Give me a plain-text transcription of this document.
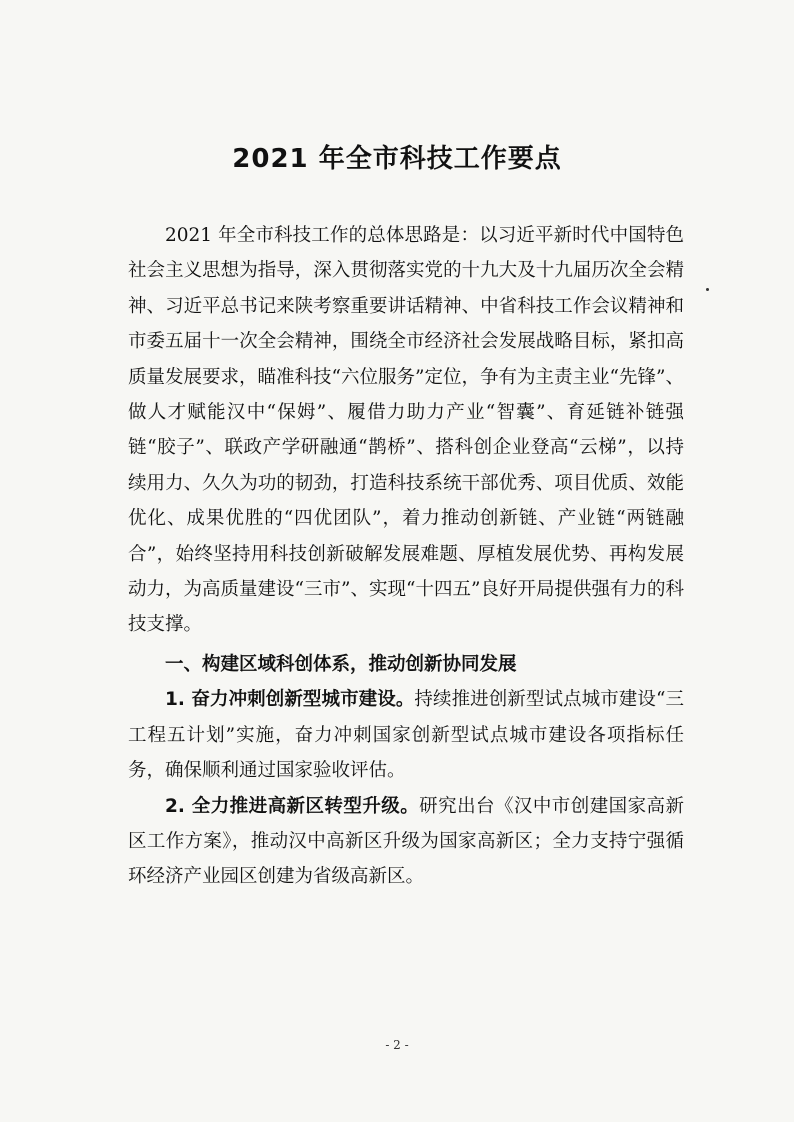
2021 年全市科技工作要点

2021 年全市科技工作的总体思路是：以习近平新时代中国特色社会主义思想为指导，深入贯彻落实党的十九大及十九届历次全会精神、习近平总书记来陕考察重要讲话精神、中省科技工作会议精神和市委五届十一次全会精神，围绕全市经济社会发展战略目标，紧扣高质量发展要求，瞄准科技“六位服务”定位，争有为主责主业“先锋”、做人才赋能汉中“保姆”、履借力助力产业“智囊”、育延链补链强链“胶子”、联政产学研融通“鹊桥”、搭科创企业登高“云梯”，以持续用力、久久为功的韧劲，打造科技系统干部优秀、项目优质、效能优化、成果优胜的“四优团队”，着力推动创新链、产业链“两链融合”，始终坚持用科技创新破解发展难题、厚植发展优势、再构发展动力，为高质量建设“三市”、实现“十四五”良好开局提供强有力的科技支撑。

一、构建区域科创体系，推动创新协同发展

1. 奋力冲刺创新型城市建设。持续推进创新型试点城市建设“三工程五计划”实施，奋力冲刺国家创新型试点城市建设各项指标任务，确保顺利通过国家验收评估。

2. 全力推进高新区转型升级。研究出台《汉中市创建国家高新区工作方案》，推动汉中高新区升级为国家高新区；全力支持宁强循环经济产业园区创建为省级高新区。

- 2 -
